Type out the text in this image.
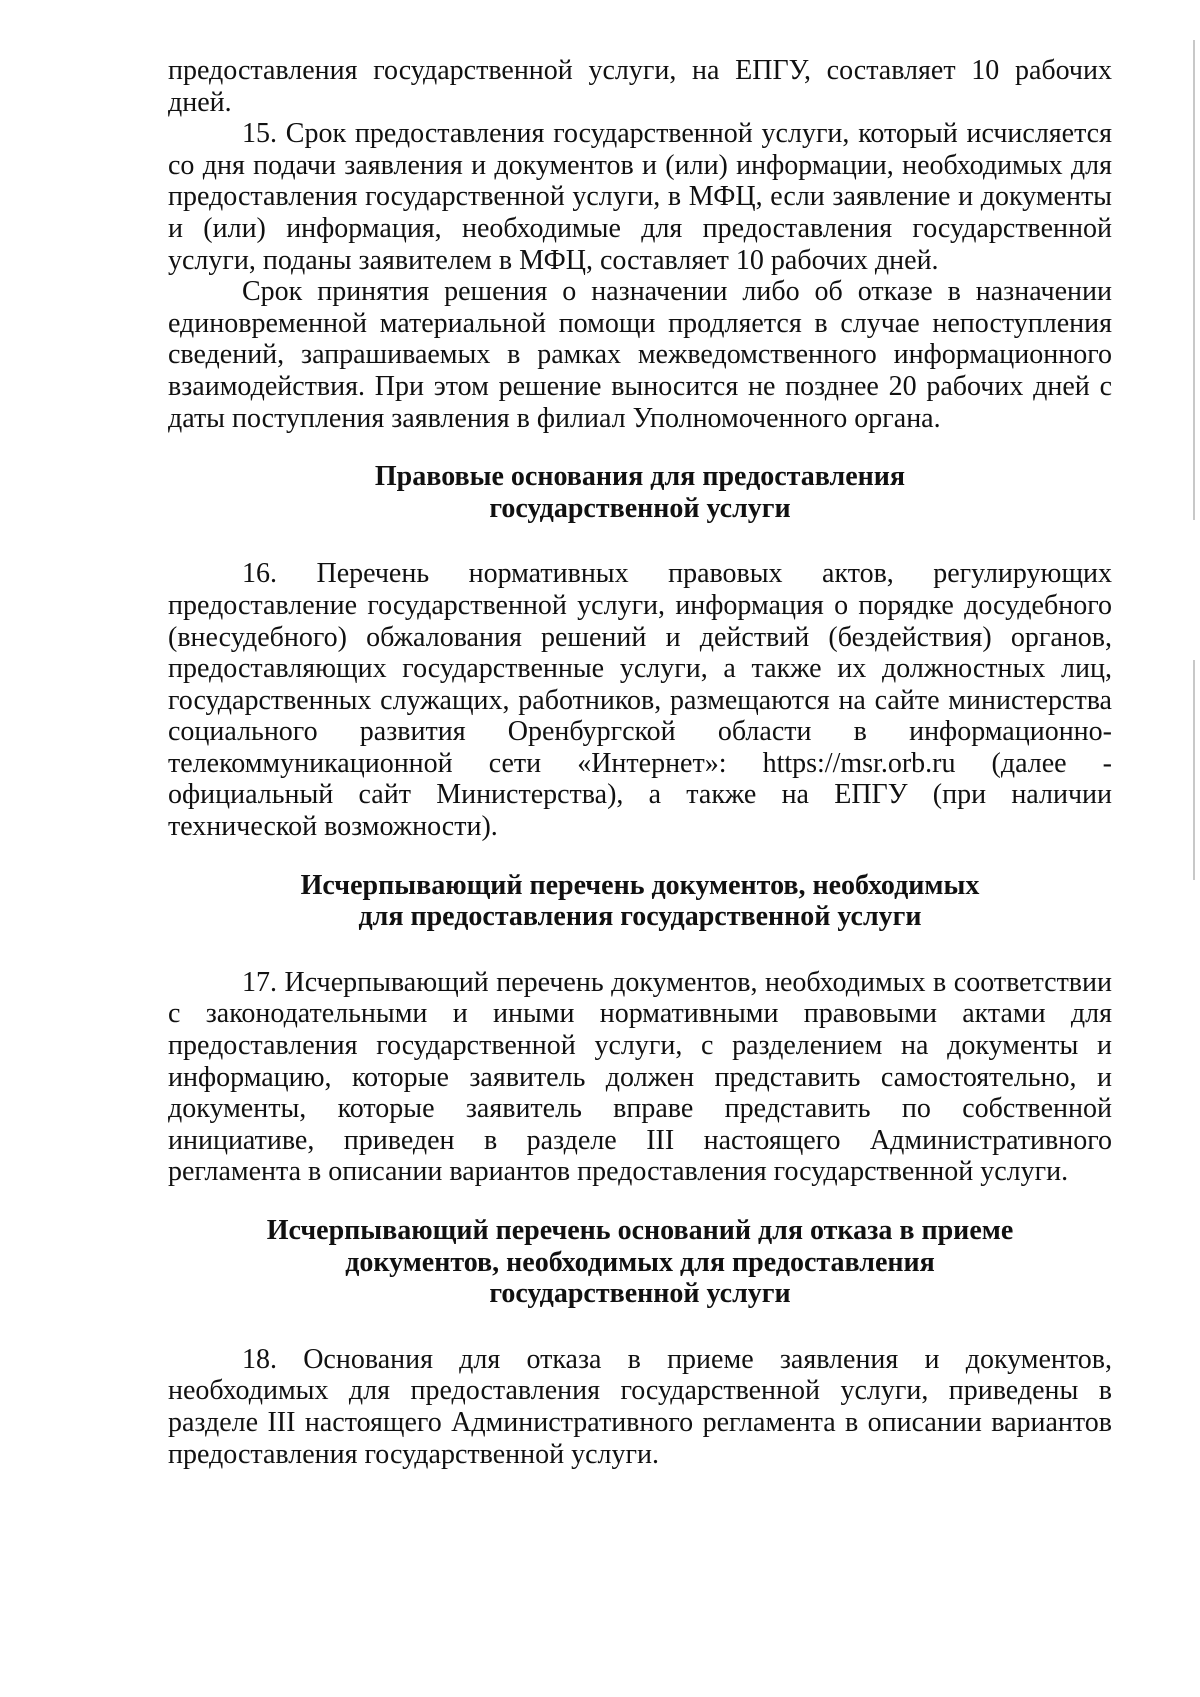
предоставления государственной услуги, на ЕПГУ, составляет 10 рабочих дней.

15. Срок предоставления государственной услуги, который исчисляется со дня подачи заявления и документов и (или) информации, необходимых для предоставления государственной услуги, в МФЦ, если заявление и документы и (или) информация, необходимые для предоставления государственной услуги, поданы заявителем в МФЦ, составляет 10 рабочих дней.

Срок принятия решения о назначении либо об отказе в назначении единовременной материальной помощи продляется в случае непоступления сведений, запрашиваемых в рамках межведомственного информационного взаимодействия. При этом решение выносится не позднее 20 рабочих дней с даты поступления заявления в филиал Уполномоченного органа.

Правовые основания для предоставления

государственной услуги

16. Перечень нормативных правовых актов, регулирующих предоставление государственной услуги, информация о порядке досудебного (внесудебного) обжалования решений и действий (бездействия) органов, предоставляющих государственные услуги, а также их должностных лиц, государственных служащих, работников, размещаются на сайте министерства социального развития Оренбургской области в информационно-телекоммуникационной сети «Интернет»: https://msr.orb.ru (далее - официальный сайт Министерства), а также на ЕПГУ (при наличии технической возможности).

Исчерпывающий перечень документов, необходимых

для предоставления государственной услуги

17. Исчерпывающий перечень документов, необходимых в соответствии с законодательными и иными нормативными правовыми актами для предоставления государственной услуги, с разделением на документы и информацию, которые заявитель должен представить самостоятельно, и документы, которые заявитель вправе представить по собственной инициативе, приведен в разделе III настоящего Административного регламента в описании вариантов предоставления государственной услуги.

Исчерпывающий перечень оснований для отказа в приеме

документов, необходимых для предоставления

государственной услуги

18. Основания для отказа в приеме заявления и документов, необходимых для предоставления государственной услуги, приведены в разделе III настоящего Административного регламента в описании вариантов предоставления государственной услуги.
